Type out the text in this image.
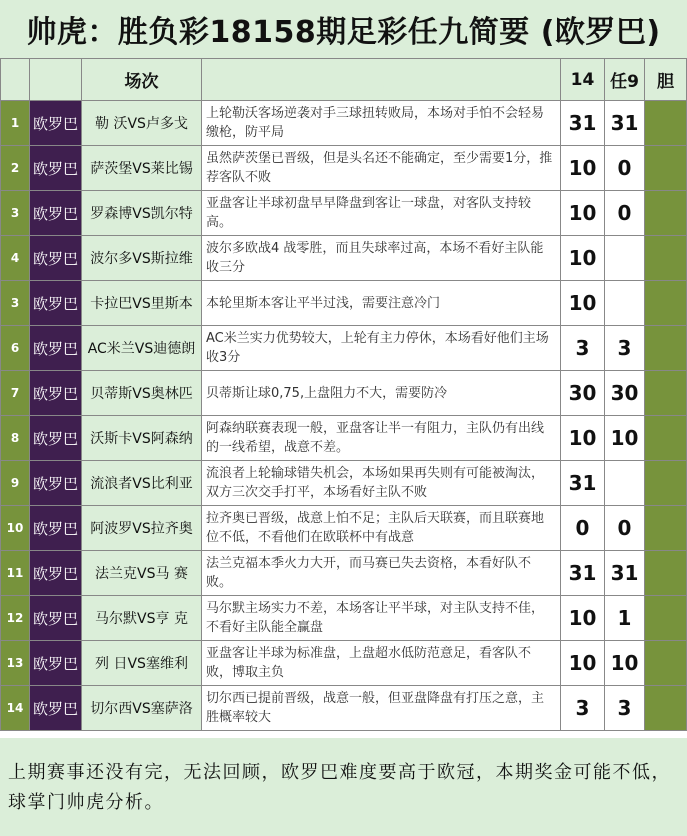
帅虎：胜负彩18158期足彩任九简要 (欧罗巴)
		场次		14	任9	胆
1	欧罗巴	勒 沃VS卢多戈	上轮勒沃客场逆袭对手三球扭转败局，本场对手怕不会轻易缴枪，防平局	31	31	
2	欧罗巴	萨茨堡VS莱比锡	虽然萨茨堡已晋级，但是头名还不能确定，至少需要1分，推荐客队不败	10	0	
3	欧罗巴	罗森博VS凯尔特	亚盘客让半球初盘早早降盘到客让一球盘，对客队支持较高。	10	0	
4	欧罗巴	波尔多VS斯拉维	波尔多欧战4 战零胜，而且失球率过高，本场不看好主队能收三分	10		
3	欧罗巴	卡拉巴VS里斯本	本轮里斯本客让平半过浅，需要注意冷门	10		
6	欧罗巴	AC米兰VS迪德朗	AC米兰实力优势较大，上轮有主力停休，本场看好他们主场收3分	3	3	
7	欧罗巴	贝蒂斯VS奥林匹	贝蒂斯让球0,75,上盘阻力不大，需要防冷	30	30	
8	欧罗巴	沃斯卡VS阿森纳	阿森纳联赛表现一般，亚盘客让半一有阻力，主队仍有出线的一线希望，战意不差。	10	10	
9	欧罗巴	流浪者VS比利亚	流浪者上轮输球错失机会，本场如果再失则有可能被淘汰，双方三次交手打平，本场看好主队不败	31		
10	欧罗巴	阿波罗VS拉齐奥	拉齐奥已晋级，战意上怕不足；主队后天联赛，而且联赛地位不低，不看他们在欧联杯中有战意	0	0	
11	欧罗巴	法兰克VS马 赛	法兰克福本季火力大开，而马赛已失去资格，本看好队不败。	31	31	
12	欧罗巴	马尔默VS亨 克	马尔默主场实力不差，本场客让平半球，对主队支持不佳，不看好主队能全赢盘	10	1	
13	欧罗巴	列 日VS塞维利	亚盘客让半球为标准盘，上盘超水低防范意足，看客队不败，博取主负	10	10	
14	欧罗巴	切尔西VS塞萨洛	切尔西已提前晋级，战意一般，但亚盘降盘有打压之意，主胜概率较大	3	3	
上期赛事还没有完，无法回顾，欧罗巴难度要高于欧冠，本期奖金可能不低，球掌门帅虎分析。
